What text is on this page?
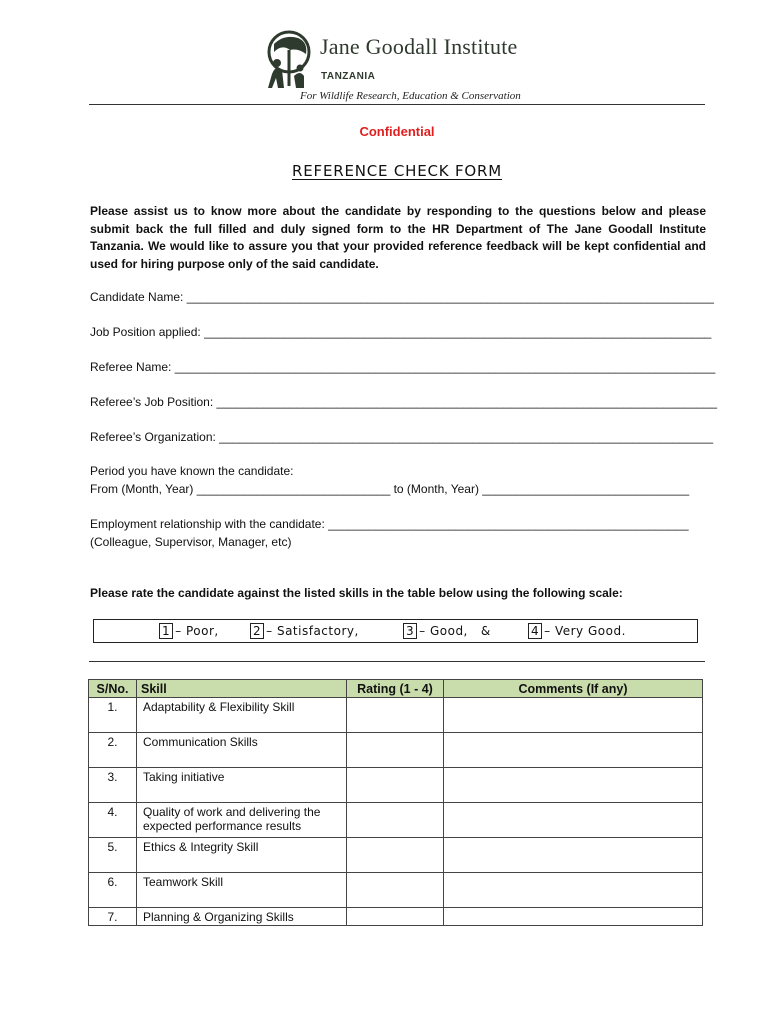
Jane Goodall Institute
TANZANIA
For Wildlife Research, Education & Conservation
Confidential
REFERENCE CHECK FORM
Please assist us to know more about the candidate by responding to the questions below and please submit back the full filled and duly signed form to the HR Department of The Jane Goodall Institute Tanzania. We would like to assure you that your provided reference feedback will be kept confidential and used for hiring purpose only of the said candidate.
Candidate Name: _______________________________________________________________________________
Job Position applied: ____________________________________________________________________________
Referee Name: _________________________________________________________________________________
Referee’s Job Position: ___________________________________________________________________________
Referee’s Organization: __________________________________________________________________________
Period you have known the candidate:
From (Month, Year) _____________________________ to (Month, Year) _______________________________
Employment relationship with the candidate: ______________________________________________________
(Colleague, Supervisor, Manager, etc)
Please rate the candidate against the listed skills in the table below using the following scale:
1 – Poor,	2 – Satisfactory,	3 – Good,   &	4 – Very Good.
S/No.	Skill	Rating (1 - 4)	Comments (If any)
1.	Adaptability & Flexibility Skill		
2.	Communication Skills		
3.	Taking initiative		
4.	Quality of work and delivering the expected performance results		
5.	Ethics & Integrity Skill		
6.	Teamwork Skill		
7.	Planning & Organizing Skills		
